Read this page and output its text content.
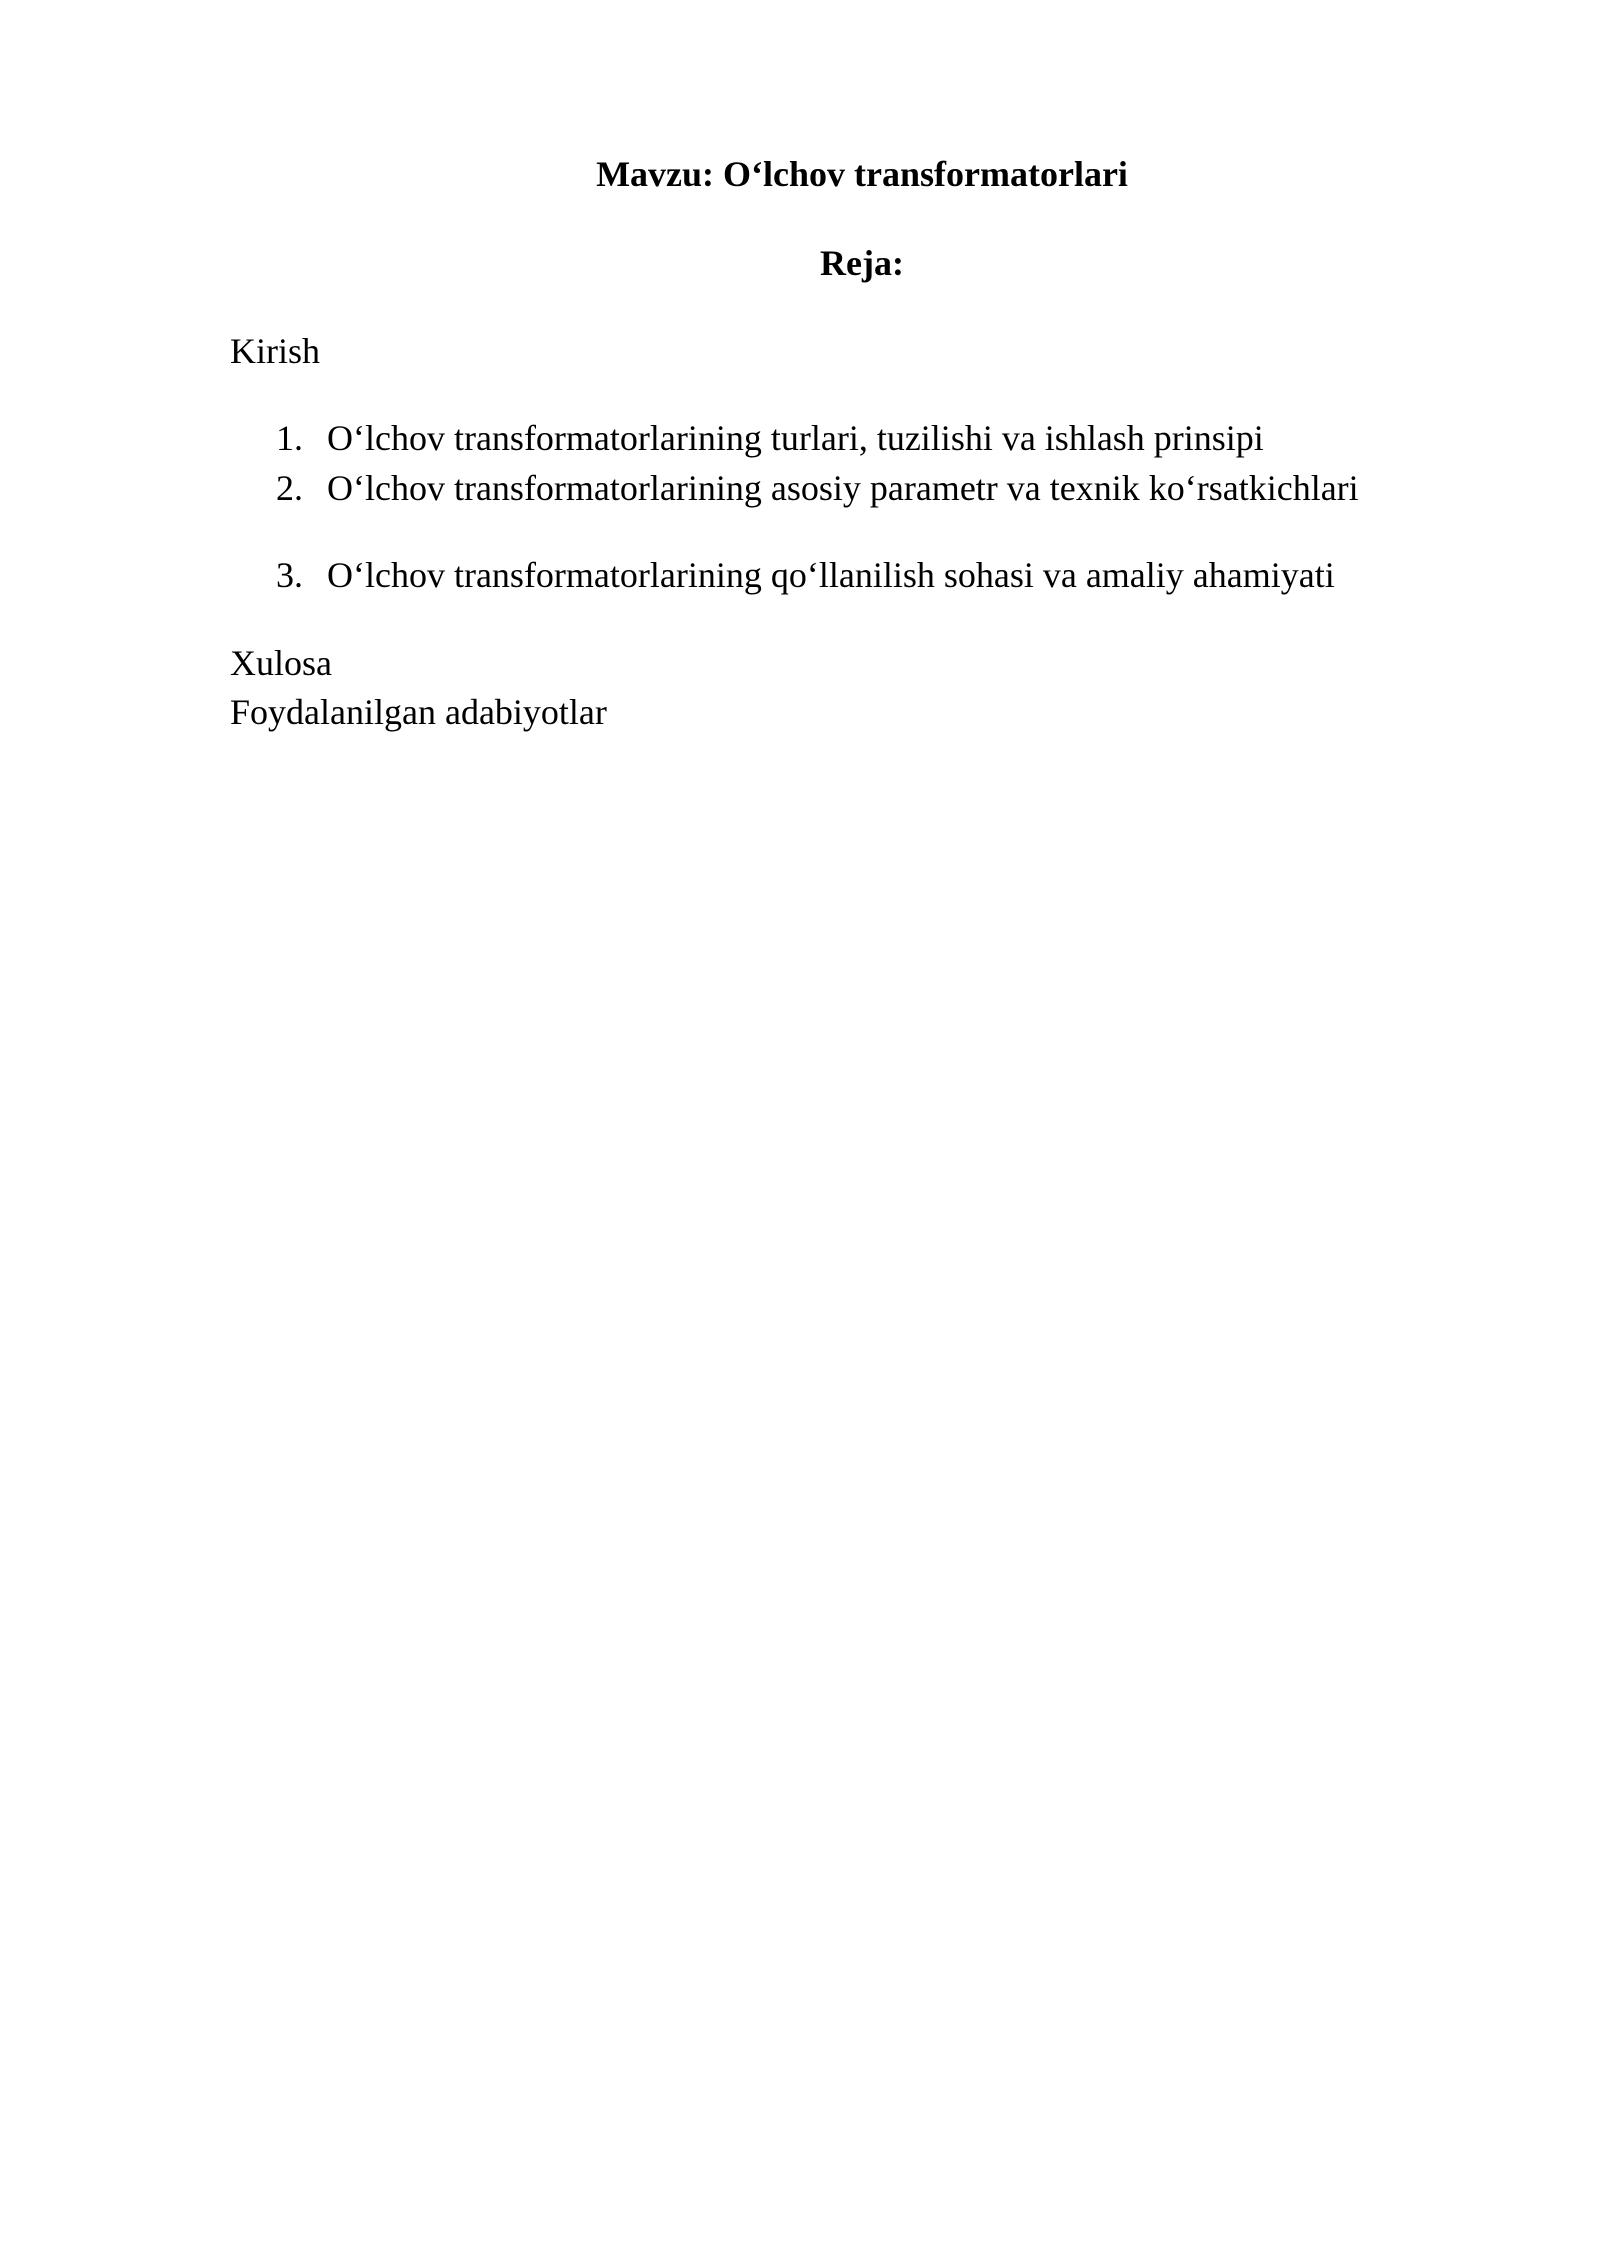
Mavzu: O‘lchov transformatorlari
Reja:
Kirish
1. O‘lchov transformatorlarining turlari, tuzilishi va ishlash prinsipi
2. O‘lchov transformatorlarining asosiy parametr va texnik ko‘rsatkichlari
3. O‘lchov transformatorlarining qo‘llanilish sohasi va amaliy ahamiyati
Xulosa
Foydalanilgan adabiyotlar
